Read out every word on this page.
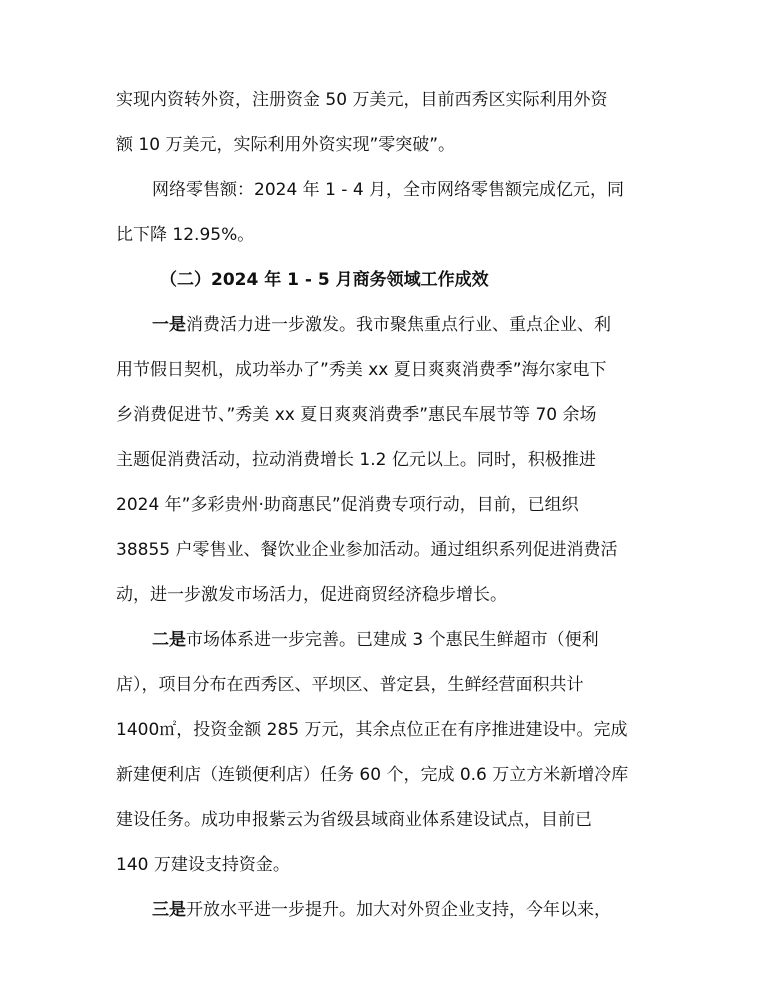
实现内资转外资，注册资金 50 万美元，目前西秀区实际利用外资

额 10 万美元，实际利用外资实现”零突破”。

网络零售额：2024 年 1 - 4 月，全市网络零售额完成亿元，同

比下降 12.95%。

（二）2024 年 1 - 5 月商务领域工作成效

一是消费活力进一步激发。我市聚焦重点行业、重点企业、利

用节假日契机，成功举办了”秀美 xx 夏日爽爽消费季”海尔家电下

乡消费促进节、”秀美 xx 夏日爽爽消费季”惠民车展节等 70 余场

主题促消费活动，拉动消费增长 1.2 亿元以上。同时，积极推进

2024 年”多彩贵州·助商惠民”促消费专项行动，目前，已组织

38855 户零售业、餐饮业企业参加活动。通过组织系列促进消费活

动，进一步激发市场活力，促进商贸经济稳步增长。

二是市场体系进一步完善。已建成 3 个惠民生鲜超市（便利

店），项目分布在西秀区、平坝区、普定县，生鲜经营面积共计

1400㎡，投资金额 285 万元，其余点位正在有序推进建设中。完成

新建便利店（连锁便利店）任务 60 个，完成 0.6 万立方米新增冷库

建设任务。成功申报紫云为省级县域商业体系建设试点，目前已

140 万建设支持资金。

三是开放水平进一步提升。加大对外贸企业支持，今年以来，
